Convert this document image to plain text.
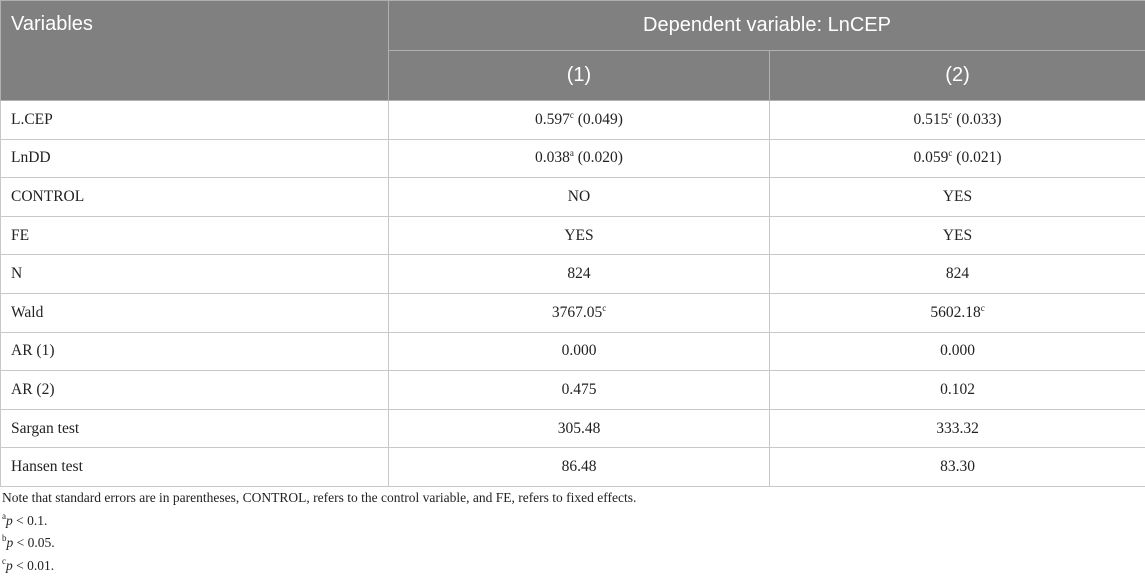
Variables	Dependent variable: LnCEP	
	(1)	(2)
L.CEP	0.597$^c$ (0.049)	0.515$^c$ (0.033)
LnDD	0.038$^a$ (0.020)	0.059$^c$ (0.021)
CONTROL	NO	YES
FE	YES	YES
N	824	824
Wald	3767.05$^c$	5602.18$^c$
AR (1)	0.000	0.000
AR (2)	0.475	0.102
Sargan test	305.48	333.32
Hansen test	86.48	83.30
Note that standard errors are in parentheses, CONTROL, refers to the control variable, and FE, refers to fixed effects.
$^a$p < 0.1.
$^b$p < 0.05.
$^c$p < 0.01.
